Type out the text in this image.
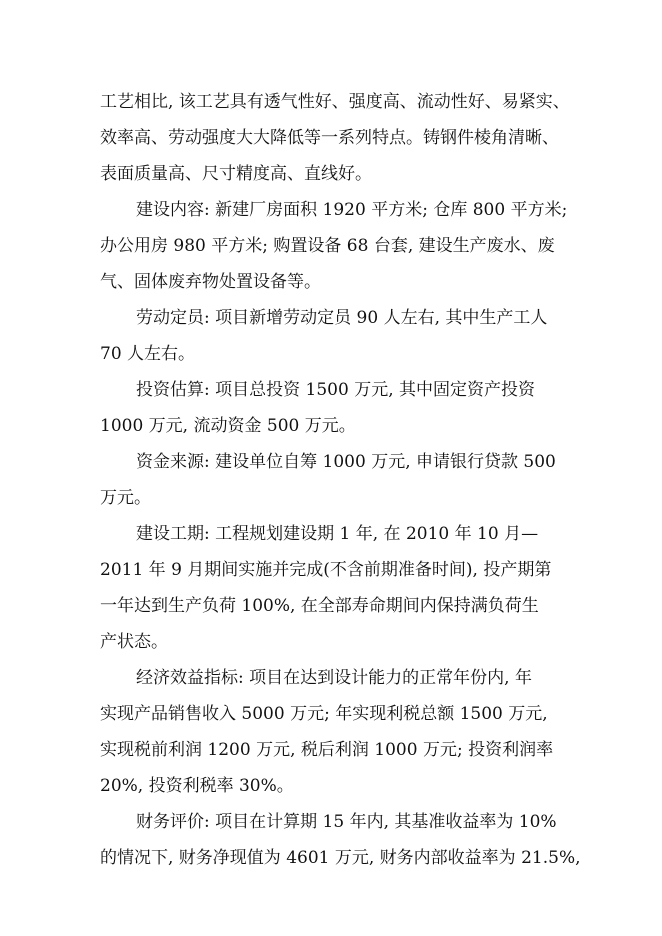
工艺相比, 该工艺具有透气性好、强度高、流动性好、易紧实、
效率高、劳动强度大大降低等一系列特点。铸钢件棱角清晰、
表面质量高、尺寸精度高、直线好。
建设内容: 新建厂房面积 1920 平方米; 仓库 800 平方米;
办公用房 980 平方米; 购置设备 68 台套, 建设生产废水、废
气、固体废弃物处置设备等。
劳动定员: 项目新增劳动定员 90 人左右, 其中生产工人
70 人左右。
投资估算: 项目总投资 1500 万元, 其中固定资产投资
1000 万元, 流动资金 500 万元。
资金来源: 建设单位自筹 1000 万元, 申请银行贷款 500
万元。
建设工期: 工程规划建设期 1 年, 在 2010 年 10 月—
2011 年 9 月期间实施并完成(不含前期准备时间), 投产期第
一年达到生产负荷 100%, 在全部寿命期间内保持满负荷生
产状态。
经济效益指标: 项目在达到设计能力的正常年份内, 年
实现产品销售收入 5000 万元; 年实现利税总额 1500 万元,
实现税前利润 1200 万元, 税后利润 1000 万元; 投资利润率
20%, 投资利税率 30%。
财务评价: 项目在计算期 15 年内, 其基准收益率为 10%
的情况下, 财务净现值为 4601 万元, 财务内部收益率为 21.5%,
